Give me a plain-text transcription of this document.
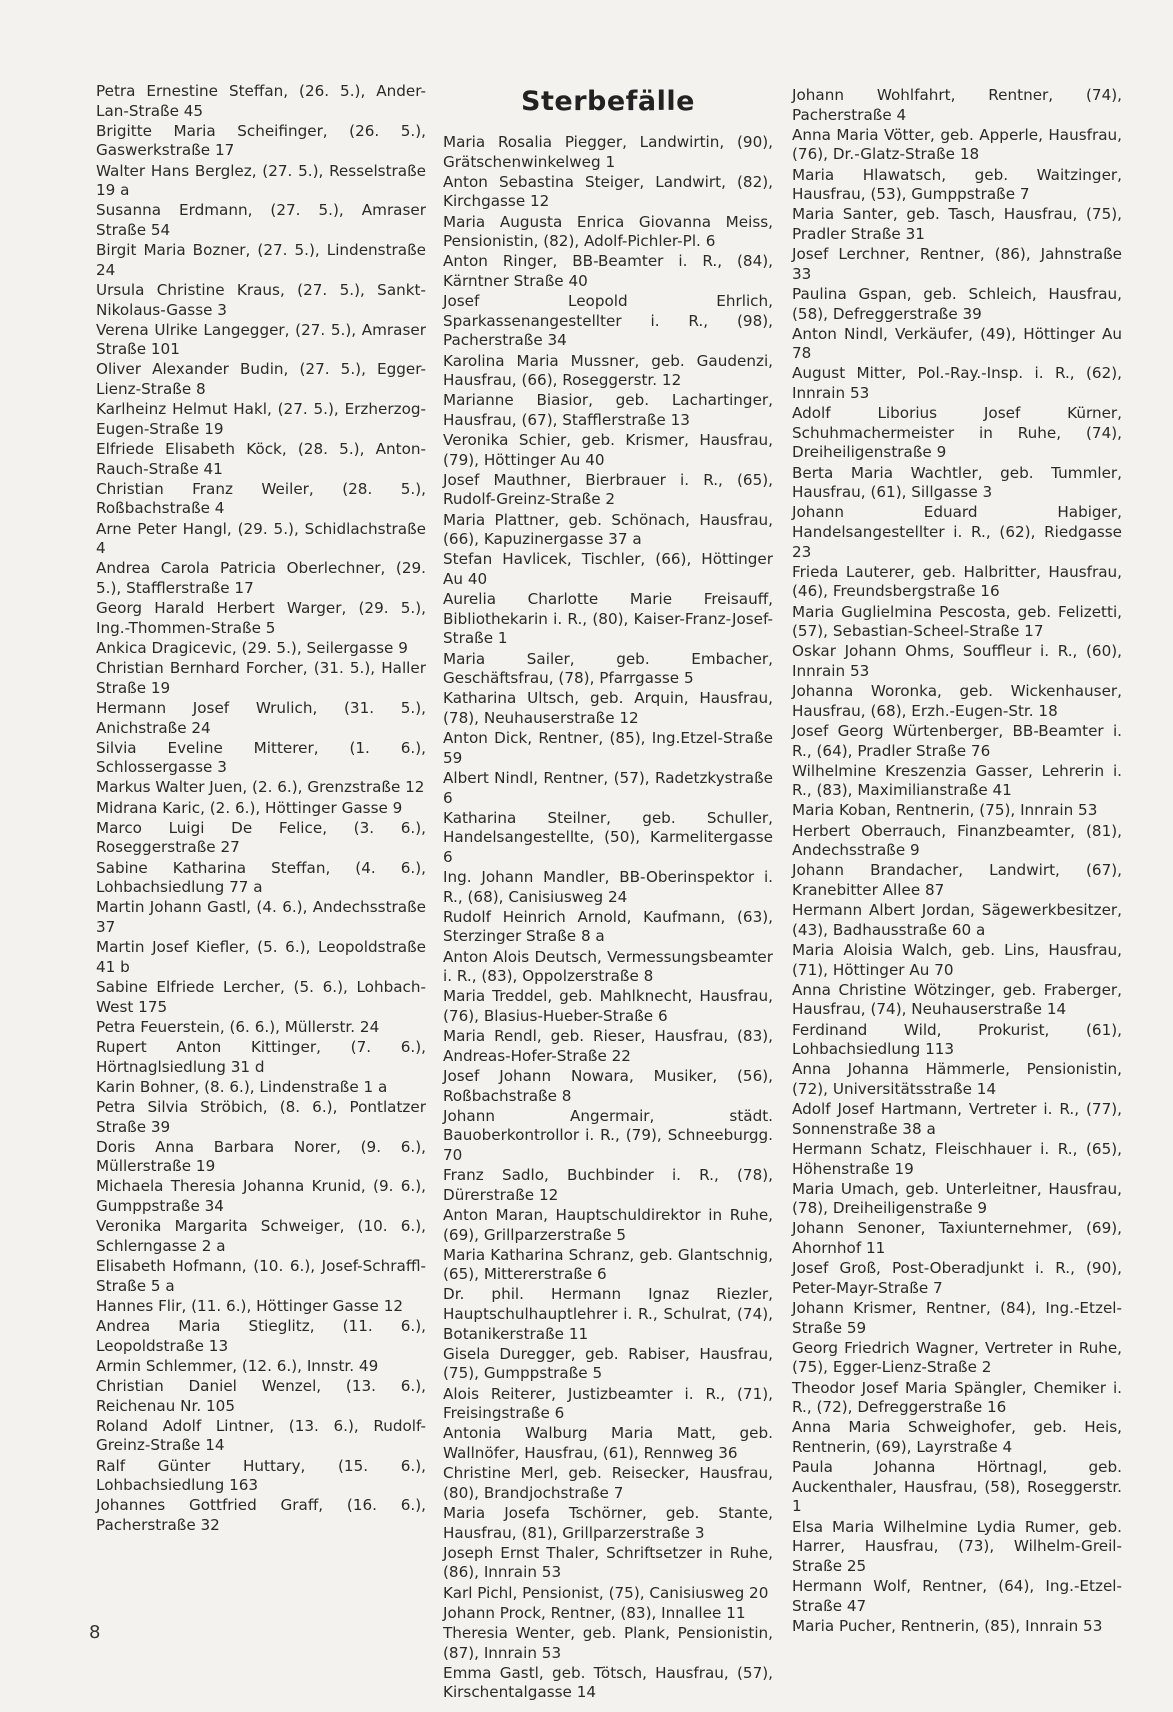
Petra Ernestine Steffan, (26. 5.), Ander-Lan-Straße 45
Brigitte Maria Scheifinger, (26. 5.), Gaswerkstraße 17
Walter Hans Berglez, (27. 5.), Resselstraße 19 a
Susanna Erdmann, (27. 5.), Amraser Straße 54
Birgit Maria Bozner, (27. 5.), Lindenstraße 24
Ursula Christine Kraus, (27. 5.), Sankt-Nikolaus-Gasse 3
Verena Ulrike Langegger, (27. 5.), Amraser Straße 101
Oliver Alexander Budin, (27. 5.), Egger-Lienz-Straße 8
Karlheinz Helmut Hakl, (27. 5.), Erzherzog-Eugen-Straße 19
Elfriede Elisabeth Köck, (28. 5.), Anton-Rauch-Straße 41
Christian Franz Weiler, (28. 5.), Roßbachstraße 4
Arne Peter Hangl, (29. 5.), Schidlachstraße 4
Andrea Carola Patricia Oberlechner, (29. 5.), Stafflerstraße 17
Georg Harald Herbert Warger, (29. 5.), Ing.-Thommen-Straße 5
Ankica Dragicevic, (29. 5.), Seilergasse 9
Christian Bernhard Forcher, (31. 5.), Haller Straße 19
Hermann Josef Wrulich, (31. 5.), Anichstraße 24
Silvia Eveline Mitterer, (1. 6.), Schlossergasse 3
Markus Walter Juen, (2. 6.), Grenzstraße 12
Midrana Karic, (2. 6.), Höttinger Gasse 9
Marco Luigi De Felice, (3. 6.), Roseggerstraße 27
Sabine Katharina Steffan, (4. 6.), Lohbachsiedlung 77 a
Martin Johann Gastl, (4. 6.), Andechsstraße 37
Martin Josef Kiefler, (5. 6.), Leopoldstraße 41 b
Sabine Elfriede Lercher, (5. 6.), Lohbach-West 175
Petra Feuerstein, (6. 6.), Müllerstr. 24
Rupert Anton Kittinger, (7. 6.), Hörtnaglsiedlung 31 d
Karin Bohner, (8. 6.), Lindenstraße 1 a
Petra Silvia Ströbich, (8. 6.), Pontlatzer Straße 39
Doris Anna Barbara Norer, (9. 6.), Müllerstraße 19
Michaela Theresia Johanna Krunid, (9. 6.), Gumppstraße 34
Veronika Margarita Schweiger, (10. 6.), Schlerngasse 2 a
Elisabeth Hofmann, (10. 6.), Josef-Schraffl-Straße 5 a
Hannes Flir, (11. 6.), Höttinger Gasse 12
Andrea Maria Stieglitz, (11. 6.), Leopoldstraße 13
Armin Schlemmer, (12. 6.), Innstr. 49
Christian Daniel Wenzel, (13. 6.), Reichenau Nr. 105
Roland Adolf Lintner, (13. 6.), Rudolf-Greinz-Straße 14
Ralf Günter Huttary, (15. 6.), Lohbachsiedlung 163
Johannes Gottfried Graff, (16. 6.), Pacherstraße 32
Sterbefälle
Maria Rosalia Piegger, Landwirtin, (90), Grätschenwinkelweg 1
Anton Sebastina Steiger, Landwirt, (82), Kirchgasse 12
Maria Augusta Enrica Giovanna Meiss, Pensionistin, (82), Adolf-Pichler-Pl. 6
Anton Ringer, BB-Beamter i. R., (84), Kärntner Straße 40
Josef Leopold Ehrlich, Sparkassenangestellter i. R., (98), Pacherstraße 34
Karolina Maria Mussner, geb. Gaudenzi, Hausfrau, (66), Roseggerstr. 12
Marianne Biasior, geb. Lachartinger, Hausfrau, (67), Stafflerstraße 13
Veronika Schier, geb. Krismer, Hausfrau, (79), Höttinger Au 40
Josef Mauthner, Bierbrauer i. R., (65), Rudolf-Greinz-Straße 2
Maria Plattner, geb. Schönach, Hausfrau, (66), Kapuzinergasse 37 a
Stefan Havlicek, Tischler, (66), Höttinger Au 40
Aurelia Charlotte Marie Freisauff, Bibliothekarin i. R., (80), Kaiser-Franz-Josef-Straße 1
Maria Sailer, geb. Embacher, Geschäftsfrau, (78), Pfarrgasse 5
Katharina Ultsch, geb. Arquin, Hausfrau, (78), Neuhauserstraße 12
Anton Dick, Rentner, (85), Ing.Etzel-Straße 59
Albert Nindl, Rentner, (57), Radetzkystraße 6
Katharina Steilner, geb. Schuller, Handelsangestellte, (50), Karmelitergasse 6
Ing. Johann Mandler, BB-Oberinspektor i. R., (68), Canisiusweg 24
Rudolf Heinrich Arnold, Kaufmann, (63), Sterzinger Straße 8 a
Anton Alois Deutsch, Vermessungsbeamter i. R., (83), Oppolzerstraße 8
Maria Treddel, geb. Mahlknecht, Hausfrau, (76), Blasius-Hueber-Straße 6
Maria Rendl, geb. Rieser, Hausfrau, (83), Andreas-Hofer-Straße 22
Josef Johann Nowara, Musiker, (56), Roßbachstraße 8
Johann Angermair, städt. Bauoberkontrollor i. R., (79), Schneeburgg. 70
Franz Sadlo, Buchbinder i. R., (78), Dürerstraße 12
Anton Maran, Hauptschuldirektor in Ruhe, (69), Grillparzerstraße 5
Maria Katharina Schranz, geb. Glantschnig, (65), Mittererstraße 6
Dr. phil. Hermann Ignaz Riezler, Hauptschulhauptlehrer i. R., Schulrat, (74), Botanikerstraße 11
Gisela Duregger, geb. Rabiser, Hausfrau, (75), Gumppstraße 5
Alois Reiterer, Justizbeamter i. R., (71), Freisingstraße 6
Antonia Walburg Maria Matt, geb. Wallnöfer, Hausfrau, (61), Rennweg 36
Christine Merl, geb. Reisecker, Hausfrau, (80), Brandjochstraße 7
Maria Josefa Tschörner, geb. Stante, Hausfrau, (81), Grillparzerstraße 3
Joseph Ernst Thaler, Schriftsetzer in Ruhe, (86), Innrain 53
Karl Pichl, Pensionist, (75), Canisiusweg 20
Johann Prock, Rentner, (83), Innallee 11
Theresia Wenter, geb. Plank, Pensionistin, (87), Innrain 53
Emma Gastl, geb. Tötsch, Hausfrau, (57), Kirschentalgasse 14
Johann Wohlfahrt, Rentner, (74), Pacherstraße 4
Anna Maria Vötter, geb. Apperle, Hausfrau, (76), Dr.-Glatz-Straße 18
Maria Hlawatsch, geb. Waitzinger, Hausfrau, (53), Gumppstraße 7
Maria Santer, geb. Tasch, Hausfrau, (75), Pradler Straße 31
Josef Lerchner, Rentner, (86), Jahnstraße 33
Paulina Gspan, geb. Schleich, Hausfrau, (58), Defreggerstraße 39
Anton Nindl, Verkäufer, (49), Höttinger Au 78
August Mitter, Pol.-Ray.-Insp. i. R., (62), Innrain 53
Adolf Liborius Josef Kürner, Schuhmachermeister in Ruhe, (74), Dreiheiligenstraße 9
Berta Maria Wachtler, geb. Tummler, Hausfrau, (61), Sillgasse 3
Johann Eduard Habiger, Handelsangestellter i. R., (62), Riedgasse 23
Frieda Lauterer, geb. Halbritter, Hausfrau, (46), Freundsbergstraße 16
Maria Guglielmina Pescosta, geb. Felizetti, (57), Sebastian-Scheel-Straße 17
Oskar Johann Ohms, Souffleur i. R., (60), Innrain 53
Johanna Woronka, geb. Wickenhauser, Hausfrau, (68), Erzh.-Eugen-Str. 18
Josef Georg Würtenberger, BB-Beamter i. R., (64), Pradler Straße 76
Wilhelmine Kreszenzia Gasser, Lehrerin i. R., (83), Maximilianstraße 41
Maria Koban, Rentnerin, (75), Innrain 53
Herbert Oberrauch, Finanzbeamter, (81), Andechsstraße 9
Johann Brandacher, Landwirt, (67), Kranebitter Allee 87
Hermann Albert Jordan, Sägewerkbesitzer, (43), Badhausstraße 60 a
Maria Aloisia Walch, geb. Lins, Hausfrau, (71), Höttinger Au 70
Anna Christine Wötzinger, geb. Fraberger, Hausfrau, (74), Neuhauserstraße 14
Ferdinand Wild, Prokurist, (61), Lohbachsiedlung 113
Anna Johanna Hämmerle, Pensionistin, (72), Universitätsstraße 14
Adolf Josef Hartmann, Vertreter i. R., (77), Sonnenstraße 38 a
Hermann Schatz, Fleischhauer i. R., (65), Höhenstraße 19
Maria Umach, geb. Unterleitner, Hausfrau, (78), Dreiheiligenstraße 9
Johann Senoner, Taxiunternehmer, (69), Ahornhof 11
Josef Groß, Post-Oberadjunkt i. R., (90), Peter-Mayr-Straße 7
Johann Krismer, Rentner, (84), Ing.-Etzel-Straße 59
Georg Friedrich Wagner, Vertreter in Ruhe, (75), Egger-Lienz-Straße 2
Theodor Josef Maria Spängler, Chemiker i. R., (72), Defreggerstraße 16
Anna Maria Schweighofer, geb. Heis, Rentnerin, (69), Layrstraße 4
Paula Johanna Hörtnagl, geb. Auckenthaler, Hausfrau, (58), Roseggerstr. 1
Elsa Maria Wilhelmine Lydia Rumer, geb. Harrer, Hausfrau, (73), Wilhelm-Greil-Straße 25
Hermann Wolf, Rentner, (64), Ing.-Etzel-Straße 47
Maria Pucher, Rentnerin, (85), Innrain 53
8
